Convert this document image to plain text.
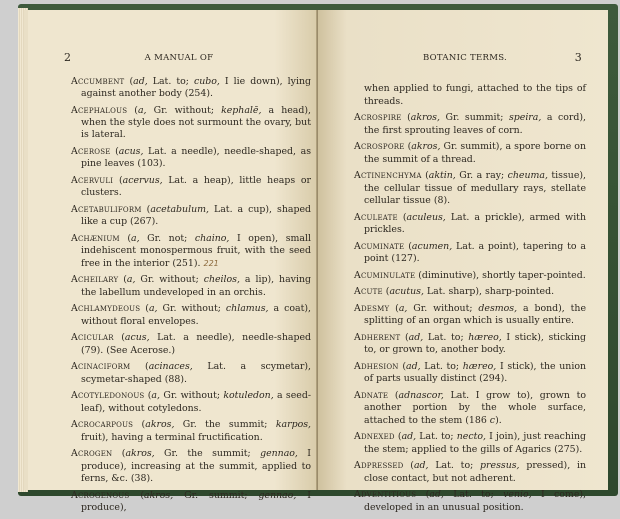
2	A MANUAL OF

Accumbent (ad, Lat. to; cubo, I lie down), lying against another body (254).

Acephalous (a, Gr. without; kephalē, a head), when the style does not surmount the ovary, but is lateral.

Acerose (acus, Lat. a needle), needle-shaped, as pine leaves (103).

Acervuli (acervus, Lat. a heap), little heaps or clusters.

Acetabuliform (acetabulum, Lat. a cup), shaped like a cup (267).

Achænium (a, Gr. not; chaino, I open), small indehiscent monospermous fruit, with the seed free in the interior (251). 221

Acheilary (a, Gr. without; cheilos, a lip), having the labellum undeveloped in an orchis.

Achlamydeous (a, Gr. without; chlamus, a coat), without floral envelopes.

Acicular (acus, Lat. a needle), needle-shaped (79). (See Acerose.)

Acinaciform (acinaces, Lat. a scymetar), scymetar-shaped (88).

Acotyledonous (a, Gr. without; kotuledon, a seed-leaf), without cotyledons.

Acrocarpous (akros, Gr. the summit; karpos, fruit), having a terminal fructification.

Acrogen (akros, Gr. the summit; gennao, I produce), increasing at the summit, applied to ferns, &c. (38).

Acrogenous (akros, Gr. summit; gennao, I produce),

BOTANIC TERMS.	3

when applied to fungi, attached to the tips of threads.

Acrospire (akros, Gr. summit; speira, a cord), the first sprouting leaves of corn.

Acrospore (akros, Gr. summit), a spore borne on the summit of a thread.

Actinenchyma (aktin, Gr. a ray; cheuma, tissue), the cellular tissue of medullary rays, stellate cellular tissue (8).

Aculeate (aculeus, Lat. a prickle), armed with prickles.

Acuminate (acumen, Lat. a point), tapering to a point (127).

Acuminulate (diminutive), shortly taper-pointed.

Acute (acutus, Lat. sharp), sharp-pointed.

Adesmy (a, Gr. without; desmos, a bond), the splitting of an organ which is usually entire.

Adherent (ad, Lat. to; hæreo, I stick), sticking to, or grown to, another body.

Adhesion (ad, Lat. to; hæreo, I stick), the union of parts usually distinct (294).

Adnate (adnascor, Lat. I grow to), grown to another portion by the whole surface, attached to the stem (186 c).

Adnexed (ad, Lat. to; necto, I join), just reaching the stem; applied to the gills of Agarics (275).

Adpressed (ad, Lat. to; pressus, pressed), in close contact, but not adherent.

Adventitious (ad, Lat. to; venio, I come), developed in an unusual position.
